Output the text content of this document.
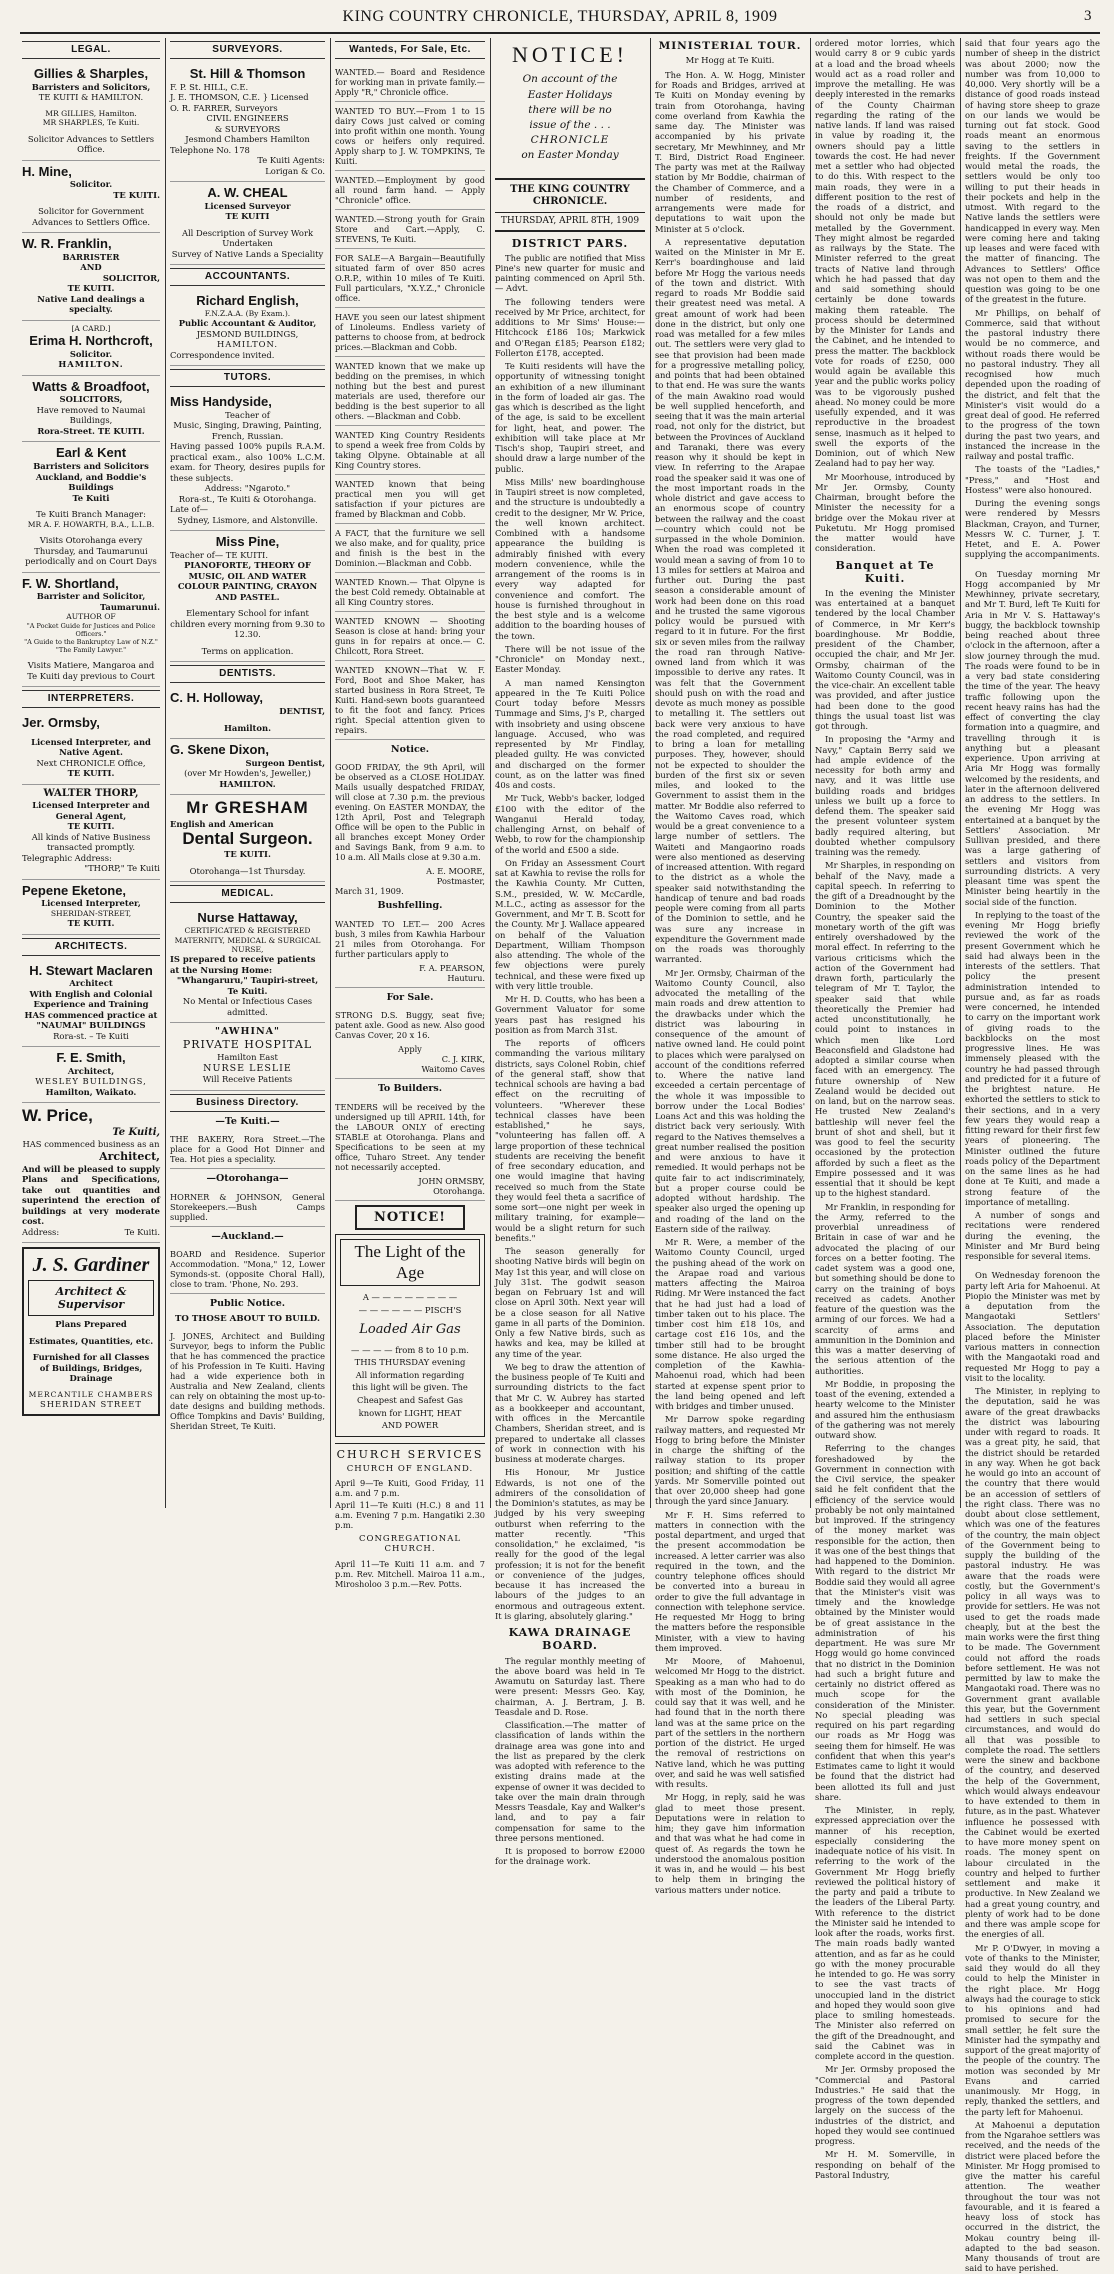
KING COUNTRY CHRONICLE, THURSDAY, APRIL 8, 1909	3
LEGAL.
Gillies & Sharples,
Barristers and Solicitors,
TE KUITI & HAMILTON.
MR GILLIES, Hamilton.
MR SHARPLES, Te Kuiti.
Solicitor Advances to Settlers Office.
H. Mine,
Solicitor.
TE KUITI.
Solicitor for Government Advances to Settlers Office.
W. R. Franklin,
BARRISTER
AND
SOLICITOR,
TE KUITI.
Native Land dealings a specialty.
[A CARD.]
Erima H. Northcroft,
Solicitor.
HAMILTON.
Watts & Broadfoot,
SOLICITORS,
Have removed to Naumai Buildings,
Rora-Street. TE KUITI.
Earl & Kent
Barristers and Solicitors
Auckland, and Boddie's Buildings
Te Kuiti
Te Kuiti Branch Manager:
MR A. F. HOWARTH, B.A., L.L.B.
Visits Otorohanga every Thursday, and Taumarunui periodically and on Court Days
F. W. Shortland,
Barrister and Solicitor,
Taumarunui.
AUTHOR OF
"A Pocket Guide for Justices and Police Officers."
"A Guide to the Bankruptcy Law of N.Z."
"The Family Lawyer."
Visits Matiere, Mangaroa and Te Kuiti day previous to Court
INTERPRETERS.
Jer. Ormsby,
Licensed Interpreter, and Native Agent.
Next CHRONICLE Office,
TE KUITI.
WALTER THORP,
Licensed Interpreter and General Agent,
TE KUITI.
All kinds of Native Business transacted promptly.
Telegraphic Address:
"THORP," Te Kuiti
Pepene Eketone,
Licensed Interpreter,
SHERIDAN-STREET,
TE KUITI.
ARCHITECTS.
H. Stewart Maclaren
Architect
With English and Colonial Experience and Training
HAS commenced practice at "NAUMAI" BUILDINGS
Rora-st. – Te Kuiti
F. E. Smith,
Architect,
WESLEY BUILDINGS,
Hamilton, Waikato.
W. Price,
Te Kuiti,
HAS commenced business as an
Architect,
And will be pleased to supply Plans and Specifications, take out quantities and superintend the erection of buildings at very moderate cost.
Address:	Te Kuiti.
J. S. Gardiner
Architect &
Supervisor
Plans Prepared
Estimates, Quantities, etc.
Furnished for all Classes of Buildings, Bridges, Drainage
MERCANTILE CHAMBERS
SHERIDAN STREET
SURVEYORS.
St. Hill & Thomson
F. P. St. HILL, C.E.
J. E. THOMSON, C.E. } Licensed
O. R. FARRER, Surveyors
CIVIL ENGINEERS
& SURVEYORS
Jesmond Chambers Hamilton
Telephone No. 178
Te Kuiti Agents:
Lorigan & Co.
A. W. CHEAL
Licensed Surveyor
TE KUITI
All Description of Survey Work
Undertaken
Survey of Native Lands a Speciality
ACCOUNTANTS.
Richard English,
F.N.Z.A.A. (By Exam.).
Public Accountant & Auditor,
JESMOND BUILDINGS,
HAMILTON.
Correspondence invited.
TUTORS.
Miss Handyside,
Teacher of
Music, Singing, Drawing, Painting, French, Russian.
Having passed 100% pupils R.A.M. practical exam., also 100% L.C.M. exam. for Theory, desires pupils for these subjects.
Address: "Ngaroto."
Rora-st., Te Kuiti & Otorohanga.
Late of—
Sydney, Lismore, and Alstonville.
Miss Pine,
Teacher of— TE KUITI.
PIANOFORTE, THEORY OF MUSIC, OIL AND WATER COLOUR PAINTING, CRAYON AND PASTEL.
Elementary School for infant children every morning from 9.30 to 12.30.
Terms on application.
DENTISTS.
C. H. Holloway,
DENTIST,
Hamilton.
G. Skene Dixon,
Surgeon Dentist,
(over Mr Howden's, Jeweller,)
HAMILTON.
Mr GRESHAM
English and American
Dental Surgeon.
TE KUITI.
Otorohanga—1st Thursday.
MEDICAL.
Nurse Hattaway,
CERTIFICATED & REGISTERED
MATERNITY, MEDICAL & SURGICAL NURSE,
IS prepared to receive patients at the Nursing Home:
"Whangaruru," Taupiri-street,
Te Kuiti.
No Mental or Infectious Cases admitted.
"AWHINA"
PRIVATE HOSPITAL
Hamilton East
NURSE LESLIE
Will Receive Patients
Business Directory.
—Te Kuiti.—
THE BAKERY, Rora Street.—The place for a Good Hot Dinner and Tea. Hot pies a speciality.
—Otorohanga—
HORNER & JOHNSON, General Storekeepers.—Bush Camps supplied.
—Auckland.—
BOARD and Residence. Superior Accommodation. "Mona," 12, Lower Symonds-st. (opposite Choral Hall), close to tram. 'Phone, No. 293.
Public Notice.
TO THOSE ABOUT TO BUILD.
J. JONES, Architect and Building Surveyor, begs to inform the Public that he has commenced the practice of his Profession in Te Kuiti. Having had a wide experience both in Australia and New Zealand, clients can rely on obtaining the most up-to-date designs and building methods. Office Tompkins and Davis' Building, Sheridan Street, Te Kuiti.
Wanteds, For Sale, Etc.
WANTED.— Board and Residence for working man in private family.—Apply "R," Chronicle office.
WANTED TO BUY.—From 1 to 15 dairy Cows just calved or coming into profit within one month. Young cows or heifers only required. Apply sharp to J. W. TOMPKINS, Te Kuiti.
WANTED.—Employment by good all round farm hand. — Apply "Chronicle" office.
WANTED.—Strong youth for Grain Store and Cart.—Apply, C. STEVENS, Te Kuiti.
FOR SALE—A Bargain—Beautifully situated farm of over 850 acres O.R.P., within 10 miles of Te Kuiti. Full particulars, "X.Y.Z.," Chronicle office.
HAVE you seen our latest shipment of Linoleums. Endless variety of patterns to choose from, at bedrock prices.—Blackman and Cobb.
WANTED known that we make up bedding on the premises, in which nothing but the best and purest materials are used, therefore our bedding is the best superior to all others. —Blackman and Cobb.
WANTED King Country Residents to spend a week free from Colds by taking Olpyne. Obtainable at all King Country stores.
WANTED known that being practical men you will get satisfaction if your pictures are framed by Blackman and Cobb.
A FACT, that the furniture we sell we also make, and for quality, price and finish is the best in the Dominion.—Blackman and Cobb.
WANTED Known.— That Olpyne is the best Cold remedy. Obtainable at all King Country stores.
WANTED KNOWN — Shooting Season is close at hand: bring your guns in for repairs at once.— C. Chilcott, Rora Street.
WANTED KNOWN—That W. F. Ford, Boot and Shoe Maker, has started business in Rora Street, Te Kuiti. Hand-sewn boots guaranteed to fit the foot and fancy. Prices right. Special attention given to repairs.
Notice.
GOOD FRIDAY, the 9th April, will be observed as a CLOSE HOLIDAY. Mails usually despatched FRIDAY, will close at 7.30 p.m. the previous evening. On EASTER MONDAY, the 12th April, Post and Telegraph Office will be open to the Public in all branches except Money Order and Savings Bank, from 9 a.m. to 10 a.m. All Mails close at 9.30 a.m.
A. E. MOORE,
Postmaster,
March 31, 1909.
Bushfelling.
WANTED TO LET.— 200 Acres bush, 3 miles from Kawhia Harbour 21 miles from Otorohanga. For further particulars apply to
F. A. PEARSON,
Hauturu.
For Sale.
STRONG D.S. Buggy, seat five; patent axle. Good as new. Also good Canvas Cover, 20 x 16.
Apply
C. J. KIRK,
Waitomo Caves
To Builders.
TENDERS will be received by the undersigned up till APRIL 14th, for the LABOUR ONLY of erecting STABLE at Otorohanga. Plans and Specifications to be seen at my office, Tuharo Street. Any tender not necessarily accepted.
JOHN ORMSBY,
Otorohanga.
NOTICE!
The Light of the Age
A — — — — — — — —
— — — — — — PISCH'S
Loaded Air Gas
— — — — from 8 to 10 p.m.
THIS THURSDAY evening
All information regarding
this light will be given. The
Cheapest and Safest Gas
known for LIGHT, HEAT
AND POWER
CHURCH SERVICES
CHURCH OF ENGLAND.
April 9—Te Kuiti, Good Friday, 11 a.m. and 7 p.m.
April 11—Te Kuiti (H.C.) 8 and 11 a.m. Evening 7 p.m. Hangatiki 2.30 p.m.
CONGREGATIONAL CHURCH.
April 11—Te Kuiti 11 a.m. and 7 p.m. Rev. Mitchell. Mairoa 11 a.m., Mirosholoo 3 p.m.—Rev. Potts.
NOTICE!
On account of the
Easter Holidays
there will be no
issue of the . . .
CHRONICLE
on Easter Monday
THE KING COUNTRY CHRONICLE.
THURSDAY, APRIL 8TH, 1909
DISTRICT PARS.
The public are notified that Miss Pine's new quarter for music and painting commenced on April 5th.— Advt.
The following tenders were received by Mr Price, architect, for additions to Mr Sims' House:—Hitchcock £186 10s; Markwick and O'Regan £185; Pearson £182; Follerton £178, accepted.
Te Kuiti residents will have the opportunity of witnessing tonight an exhibition of a new illuminant in the form of loaded air gas. The gas which is described as the light of the age, is said to be excellent for light, heat, and power. The exhibition will take place at Mr Tisch's shop, Taupiri street, and should draw a large number of the public.
Miss Mills' new boardinghouse in Taupiri street is now completed, and the structure is undoubtedly a credit to the designer, Mr W. Price, the well known architect. Combined with a handsome appearance the building is admirably finished with every modern convenience, while the arrangement of the rooms is in every way adapted for convenience and comfort. The house is furnished throughout in the best style and is a welcome addition to the boarding houses of the town.
There will be not issue of the "Chronicle" on Monday next., Easter Monday.
A man named Kensington appeared in the Te Kuiti Police Court today before Messrs Tummage and Sims, J's P., charged with insobriety and using obscene language. Accused, who was represented by Mr Findlay, pleaded guilty. He was convicted and discharged on the former count, as on the latter was fined 40s and costs.
Mr Tuck, Webb's backer, lodged £100 with the editor of the Wanganui Herald today, challenging Arnst, on behalf of Webb, to row for the championship of the world and £500 a side.
On Friday an Assessment Court sat at Kawhia to revise the rolls for the Kawhia County. Mr Cutten, S.M., presided, W. W. McCardle, M.L.C., acting as assessor for the Government, and Mr T. B. Scott for the County. Mr J. Wallace appeared on behalf of the Valuation Department, William Thompson also attending. The whole of the few objections were purely technical, and these were fixed up with very little trouble.
Mr H. D. Coutts, who has been a Government Valuator for some years past has resigned his position as from March 31st.
The reports of officers commanding the various military districts, says Colonel Robin, chief of the general staff, show that technical schools are having a bad effect on the recruiting of volunteers. "Wherever these technical classes have been established," he says, "volunteering has fallen off. A large proportion of these technical students are receiving the benefit of free secondary education, and one would imagine that having received so much from the State they would feel theta a sacrifice of some sort—one night per week in military training, for example—would be a slight return for such benefits."
The season generally for shooting Native birds will begin on May 1st this year, and will close on July 31st. The godwit season began on February 1st and will close on April 30th. Next year will be a close season for all Native game in all parts of the Dominion. Only a few Native birds, such as hawks and kea, may be killed at any time of the year.
We beg to draw the attention of the business people of Te Kuiti and surrounding districts to the fact that Mr C. W. Aubrey has started as a bookkeeper and accountant, with offices in the Mercantile Chambers, Sheridan street, and is prepared to undertake all classes of work in connection with his business at moderate charges.
His Honour, Mr Justice Edwards, is not one of the admirers of the consolidation of the Dominion's statutes, as may be judged by his very sweeping outburst when referring to the matter recently. "This consolidation," he exclaimed, "is really for the good of the legal profession; it is not for the benefit or convenience of the judges, because it has increased the labours of the judges to an enormous and outrageous extent. It is glaring, absolutely glaring."
KAWA DRAINAGE BOARD.
The regular monthly meeting of the above board was held in Te Awamutu on Saturday last. There were present: Messrs Geo. Kay, chairman, A. J. Bertram, J. B. Teasdale and D. Rose.
Classification.—The matter of classification of lands within the drainage area was gone into and the list as prepared by the clerk was adopted with reference to the existing drains made at the expense of owner it was decided to take over the main drain through Messrs Teasdale, Kay and Walker's land, and to pay a fair compensation for same to the three persons mentioned.
It is proposed to borrow £2000 for the drainage work.
MINISTERIAL TOUR.
Mr Hogg at Te Kuiti.
The Hon. A. W. Hogg, Minister for Roads and Bridges, arrived at Te Kuiti on Monday evening by train from Otorohanga, having come overland from Kawhia the same day. The Minister was accompanied by his private secretary, Mr Mewhinney, and Mr T. Bird, District Road Engineer. The party was met at the Railway station by Mr Boddie, chairman of the Chamber of Commerce, and a number of residents, and arrangements were made for deputations to wait upon the Minister at 5 o'clock.
A representative deputation waited on the Minister in Mr E. Kerr's boardinghouse and laid before Mr Hogg the various needs of the town and district. With regard to roads Mr Boddie said their greatest need was metal. A great amount of work had been done in the district, but only one road was metalled for a few miles out. The settlers were very glad to see that provision had been made for a progressive metalling policy, and points that had been obtained to that end. He was sure the wants of the main Awakino road would be well supplied henceforth, and seeing that it was the main arterial road, not only for the district, but between the Provinces of Auckland and Taranaki, there was every reason why it should be kept in view. In referring to the Arapae road the speaker said it was one of the most important roads in the whole district and gave access to an enormous scope of country between the railway and the coast—country which could not be surpassed in the whole Dominion. When the road was completed it would mean a saving of from 10 to 13 miles for settlers at Mairoa and further out. During the past season a considerable amount of work had been done on this road and he trusted the same vigorous policy would be pursued with regard to it in future. For the first six or seven miles from the railway the road ran through Native-owned land from which it was impossible to derive any rates. It was felt that the Government should push on with the road and devote as much money as possible to metalling it. The settlers out back were very anxious to have the road completed, and required to bring a loan for metalling purposes. They, however, should not be expected to shoulder the burden of the first six or seven miles, and looked to the Government to assist them in the matter. Mr Boddie also referred to the Waitomo Caves road, which would be a great convenience to a large number of settlers. The Waiteti and Mangaorino roads were also mentioned as deserving of increased attention. With regard to the district as a whole the speaker said notwithstanding the handicap of tenure and bad roads people were coming from all parts of the Dominion to settle, and he was sure any increase in expenditure the Government made on the roads was thoroughly warranted.
Mr Jer. Ormsby, Chairman of the Waitomo County Council, also advocated the metalling of the main roads and drew attention to the drawbacks under which the district was labouring in consequence of the amount of native owned land. He could point to places which were paralysed on account of the conditions referred to. Where the native land exceeded a certain percentage of the whole it was impossible to borrow under the Local Bodies' Loans Act and this was holding the district back very seriously. With regard to the Natives themselves a great number realised the position and were anxious to have it remedied. It would perhaps not be quite fair to act indiscriminately, but a proper course could be adopted without hardship. The speaker also urged the opening up and roading of the land on the Eastern side of the railway.
Mr R. Were, a member of the Waitomo County Council, urged the pushing ahead of the work on the Arapae road and various matters affecting the Mairoa Riding. Mr Were instanced the fact that he had just had a load of timber taken out to his place. The timber cost him £18 10s, and cartage cost £16 10s, and the timber still had to be brought some distance. He also urged the completion of the Kawhia-Mahoenui road, which had been started at expense spent prior to the land being opened and left with bridges and timber unused.
Mr Darrow spoke regarding railway matters, and requested Mr Hogg to bring before the Minister in charge the shifting of the railway station to its proper position; and shifting of the cattle yards. Mr Somerville pointed out that over 20,000 sheep had gone through the yard since January.
Mr F. H. Sims referred to matters in connection with the postal department, and urged that the present accommodation be increased. A letter carrier was also required in the town, and the country telephone offices should be converted into a bureau in order to give the full advantage in connection with telephone service. He requested Mr Hogg to bring the matters before the responsible Minister, with a view to having them improved.
Mr Moore, of Mahoenui, welcomed Mr Hogg to the district. Speaking as a man who had to do with most of the Dominion, he could say that it was well, and he had found that in the north there land was at the same price on the part of the settlers in the northern portion of the district. He urged the removal of restrictions on Native land, which he was putting over, and said he was well satisfied with results.
Mr Hogg, in reply, said he was glad to meet those present. Deputations were in relation to him; they gave him information and that was what he had come in quest of. As regards the town he understood the anomalous position it was in, and he would — his best to help them in bringing the various matters under notice.
ordered motor lorries, which would carry 8 or 9 cubic yards at a load and the broad wheels would act as a road roller and improve the metalling. He was deeply interested in the remarks of the County Chairman regarding the rating of the native lands. If land was raised in value by roading it, the owners should pay a little towards the cost. He had never met a settler who had objected to do this. With respect to the main roads, they were in a different position to the rest of the roads of a district, and should not only be made but metalled by the Government. They might almost be regarded as railways by the State. The Minister referred to the great tracts of Native land through which he had passed that day and said something should certainly be done towards making them rateable. The process should be determined by the Minister for Lands and the Cabinet, and he intended to press the matter. The backblock vote for roads of £250, 000 would again be available this year and the public works policy was to be vigorously pushed ahead. No money could be more usefully expended, and it was reproductive in the broadest sense, inasmuch as it helped to swell the exports of the Dominion, out of which New Zealand had to pay her way.
Mr Moorhouse, introduced by Mr Jer. Ormsby, County Chairman, brought before the Minister the necessity for a bridge over the Mokau river at Puketutu. Mr Hogg promised the matter would have consideration.
Banquet at Te Kuiti.
In the evening the Minister was entertained at a banquet tendered by the local Chamber of Commerce, in Mr Kerr's boardinghouse. Mr Boddie, president of the Chamber, occupied the chair, and Mr Jer. Ormsby, chairman of the Waitomo County Council, was in the vice-chair. An excellent table was provided, and after justice had been done to the good things the usual toast list was got through.
In proposing the "Army and Navy," Captain Berry said we had ample evidence of the necessity for both army and navy, and it was little use building roads and bridges unless we built up a force to defend them. The speaker said the present volunteer system badly required altering, but doubted whether compulsory training was the remedy.
Mr Sharples, in responding on behalf of the Navy, made a capital speech. In referring to the gift of a Dreadnought by the Dominion to the Mother Country, the speaker said the monetary worth of the gift was entirely overshadowed by the moral effect. In referring to the various criticisms which the action of the Government had drawn forth, particularly the telegram of Mr T. Taylor, the speaker said that while theoretically the Premier had acted unconstitutionally, he could point to instances in which men like Lord Beaconsfield and Gladstone had adopted a similar course when faced with an emergency. The future ownership of New Zealand would be decided out on land, but on the narrow seas. He trusted New Zealand's battleship will never feel the brunt of shot and shell, but it was good to feel the security occasioned by the protection afforded by such a fleet as the Empire possessed and it was essential that it should be kept up to the highest standard.
Mr Franklin, in responding for the Army, referred to the proverbial unreadiness of Britain in case of war and he advocated the placing of our forces on a better footing. The cadet system was a good one, but something should be done to carry on the training of boys received as cadets. Another feature of the question was the arming of our forces. We had a scarcity of arms and ammunition in the Dominion and this was a matter deserving of the serious attention of the authorities.
Mr Boddie, in proposing the toast of the evening, extended a hearty welcome to the Minister and assured him the enthusiasm of the gathering was not merely outward show.
Referring to the changes foreshadowed by the Government in connection with the Civil service, the speaker said he felt confident that the efficiency of the service would probably be not only maintained but improved. If the stringency of the money market was responsible for the action, then it was one of the best things that had happened to the Dominion. With regard to the district Mr Boddie said they would all agree that the Minister's visit was timely and the knowledge obtained by the Minister would be of great assistance in the administration of his department. He was sure Mr Hogg would go home convinced that no district in the Dominion had such a bright future and certainly no district offered as much scope for the consideration of the Minister. No special pleading was required on his part regarding our roads as Mr Hogg was seeing them for himself. He was confident that when this year's Estimates came to light it would be found that the district had been allotted its full and just share.
The Minister, in reply, expressed appreciation over the manner of his reception, especially considering the inadequate notice of his visit. In referring to the work of the Government Mr Hogg briefly reviewed the political history of the party and paid a tribute to the leaders of the Liberal Party. With reference to the district the Minister said he intended to look after the roads, works first. The main roads badly wanted attention, and as far as he could go with the money procurable he intended to go. He was sorry to see the vast tracts of unoccupied land in the district and hoped they would soon give place to smiling homesteads. The Minister also referred on the gift of the Dreadnought, and said the Cabinet was in complete accord in the question.
Mr Jer. Ormsby proposed the "Commercial and Pastoral Industries." He said that the progress of the town depended largely on the success of the industries of the district, and hoped they would see continued progress.
Mr H. M. Somerville, in responding on behalf of the Pastoral Industry,
said that four years ago the number of sheep in the district was about 2000; now the number was from 10,000 to 40,000. Very shortly will be a distance of good roads instead of having store sheep to graze on our lands we would be turning out fat stock. Good roads meant an enormous saving to the settlers in freights. If the Government would metal the roads, the settlers would be only too willing to put their heads in their pockets and help in the utmost. With regard to the Native lands the settlers were handicapped in every way. Men were coming here and taking up leases and were faced with the matter of financing. The Advances to Settlers' Office was not open to them and the question was going to be one of the greatest in the future.
Mr Phillips, on behalf of Commerce, said that without the pastoral industry there would be no commerce, and without roads there would be no pastoral industry. They all recognised how much depended upon the roading of the district, and felt that the Minister's visit would do a great deal of good. He referred to the progress of the town during the past two years, and instanced the increase in the railway and postal traffic.
The toasts of the "Ladies," "Press," and "Host and Hostess" were also honoured.
During the evening songs were rendered by Messrs Blackman, Crayon, and Turner, Messrs W. C. Turner, J. T. Hetet, and E. A. Power supplying the accompaniments.
On Tuesday morning Mr Hogg accompanied by Mr Mewhinney, private secretary, and Mr T. Burd, left Te Kuiti for Aria in Mr V. S. Hattaway's buggy, the backblock township being reached about three o'clock in the afternoon, after a slow journey through the mud. The roads were found to be in a very bad state considering the time of the year. The heavy traffic following upon the recent heavy rains has had the effect of converting the clay formation into a quagmire, and travelling through it is anything but a pleasant experience. Upon arriving at Aria Mr Hogg was formally welcomed by the residents, and later in the afternoon delivered an address to the settlers. In the evening Mr Hogg was entertained at a banquet by the Settlers' Association. Mr Sullivan presided, and there was a large gathering of settlers and visitors from surrounding districts. A very pleasant time was spent the Minister being heartily in the social side of the function.
In replying to the toast of the evening Mr Hogg briefly reviewed the work of the present Government which he said had always been in the interests of the settlers. That policy the present administration intended to pursue and, as far as roads were concerned, he intended to carry on the important work of giving roads to the backblocks on the most progressive lines. He was immensely pleased with the country he had passed through and predicted for it a future of the brightest nature. He exhorted the settlers to stick to their sections, and in a very few years they would reap a fitting reward for their first few years of pioneering. The Minister outlined the future roads policy of the Department on the same lines as he had done at Te Kuiti, and made a strong feature of the importance of metalling.
A number of songs and recitations were rendered during the evening, the Minister and Mr Burd being responsible for several items.
On Wednesday forenoon the party left Aria for Mahoenui. At Piopio the Minister was met by a deputation from the Mangaotaki Settlers' Association. The deputation placed before the Minister various matters in connection with the Mangaotaki road and requested Mr Hogg to pay a visit to the locality.
The Minister, in replying to the deputation, said he was aware of the great drawbacks the district was labouring under with regard to roads. It was a great pity, he said, that the district should be retarded in any way. When he got back he would go into an account of the country that there would be an accession of settlers of the right class. There was no doubt about close settlement, which was one of the features of the country, the main object of the Government being to supply the building of the pastoral industry. He was aware that the roads were costly, but the Government's policy in all ways was to provide for settlers. He was not used to get the roads made cheaply, but at the best the main works were the first thing to be made. The Government could not afford the roads before settlement. He was not permitted by law to make the Mangaotaki road. There was no Government grant available this year, but the Government had settlers in such special circumstances, and would do all that was possible to complete the road. The settlers were the sinew and backbone of the country, and deserved the help of the Government, which would always endeavour to have extended to them in future, as in the past. Whatever influence he possessed with the Cabinet would be exerted to have more money spent on roads. The money spent on labour circulated in the country and helped to further settlement and make it productive. In New Zealand we had a great young country, and plenty of work had to be done and there was ample scope for the energies of all.
Mr P. O'Dwyer, in moving a vote of thanks to the Minister, said they would do all they could to help the Minister in the right place. Mr Hogg always had the courage to stick to his opinions and had promised to secure for the small settler, he felt sure the Minister had the sympathy and support of the great majority of the people of the country. The motion was seconded by Mr Evans and carried unanimously. Mr Hogg, in reply, thanked the settlers, and the party left for Mahoenui.
At Mahoenui a deputation from the Ngarahoe settlers was received, and the needs of the district were placed before the Minister. Mr Hogg promised to give the matter his careful attention. The weather throughout the tour was not favourable, and it is feared a heavy loss of stock has occurred in the district, the Mokau country being ill-adapted to the bad season. Many thousands of trout are said to have perished.
